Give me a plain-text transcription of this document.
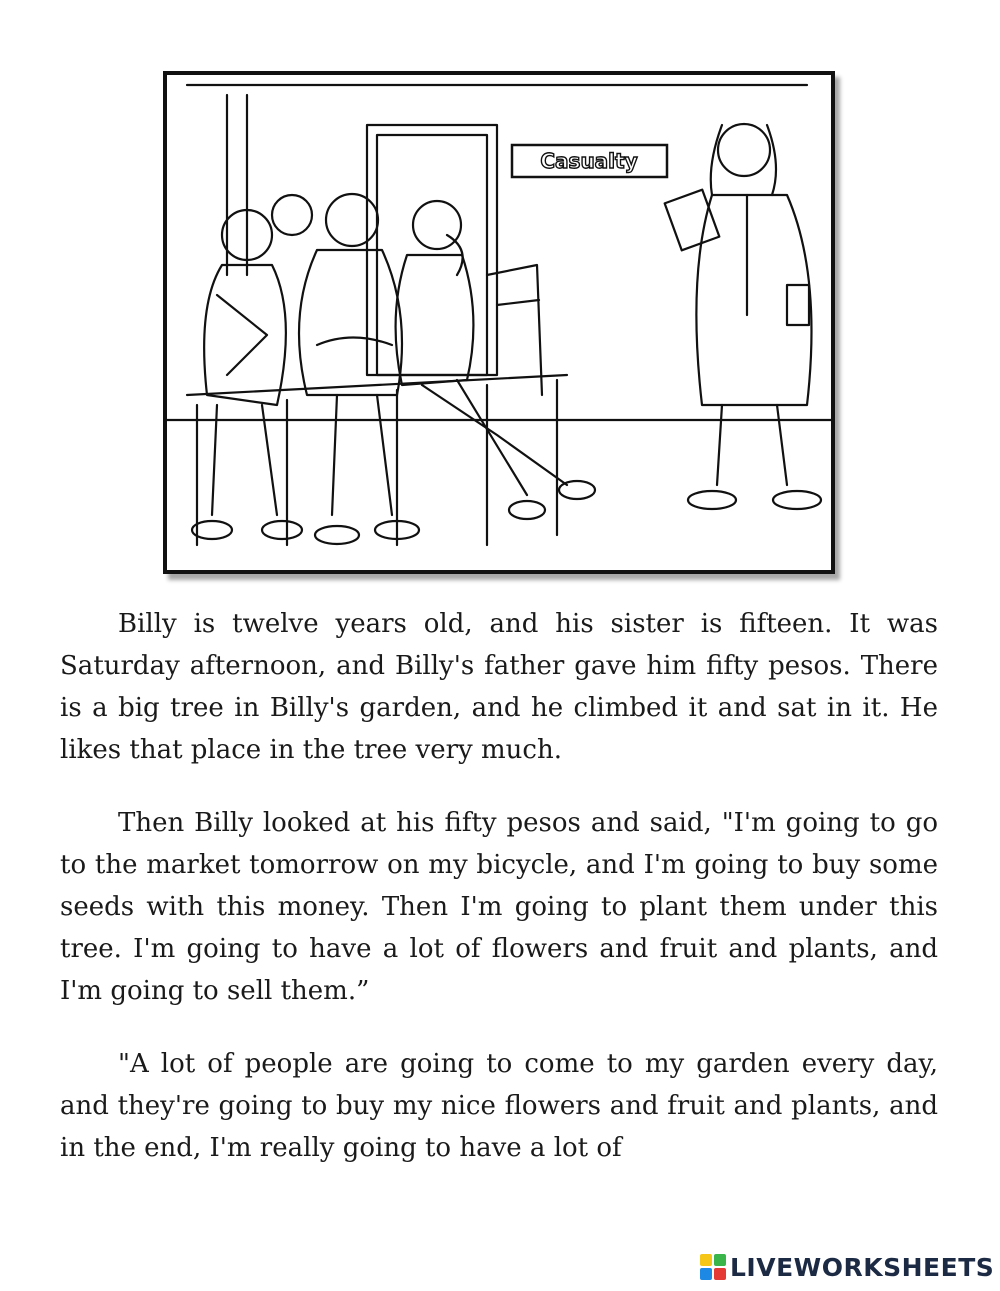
Casualty

Billy is twelve years old, and his sister is fifteen. It was Saturday afternoon, and Billy's father gave him fifty pesos. There is a big tree in Billy's garden, and he climbed it and sat in it. He likes that place in the tree very much.

Then Billy looked at his fifty pesos and said, "I'm going to go to the market tomorrow on my bicycle, and I'm going to buy some seeds with this money. Then I'm going to plant them under this tree. I'm going to have a lot of flowers and fruit and plants, and I'm going to sell them.”

"A lot of people are going to come to my garden every day, and they're going to buy my nice flowers and fruit and plants, and in the end, I'm really going to have a lot of

LIVEWORKSHEETS
